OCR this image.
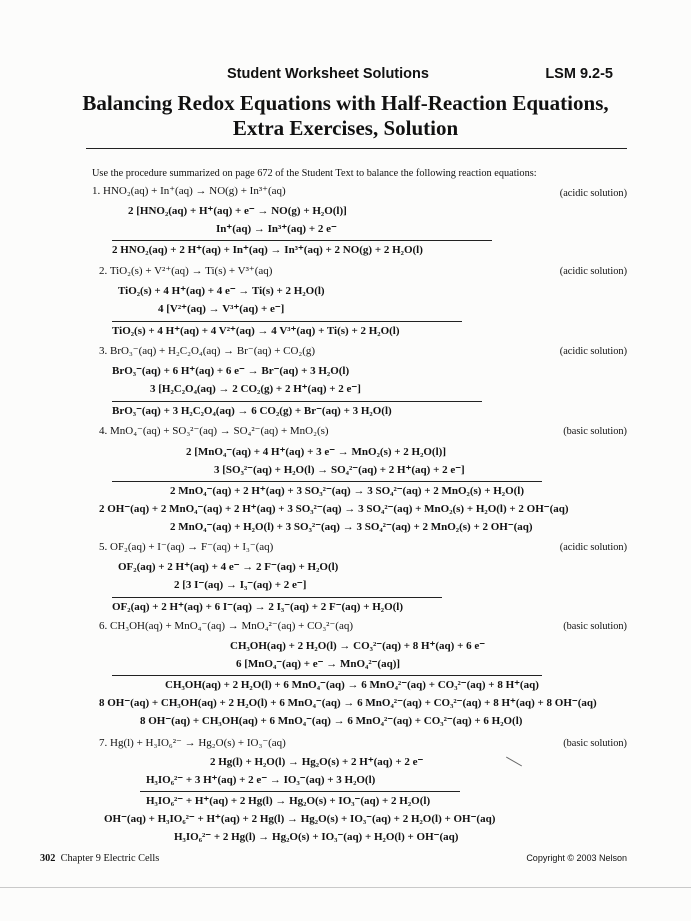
Student Worksheet Solutions	LSM 9.2-5
Balancing Redox Equations with Half-Reaction Equations,
Extra Exercises, Solution
Use the procedure summarized on page 672 of the Student Text to balance the following reaction equations:
1. HNO₂(aq) + In⁺(aq) → NO(g) + In³⁺(aq)	(acidic solution)
2 [HNO₂(aq) + H⁺(aq) + e⁻ → NO(g) + H₂O(l)]
In⁺(aq) → In³⁺(aq) + 2 e⁻
2 HNO₂(aq) + 2 H⁺(aq) + In⁺(aq) → In³⁺(aq) + 2 NO(g) + 2 H₂O(l)
2. TiO₂(s) + V²⁺(aq) → Ti(s) + V³⁺(aq)	(acidic solution)
TiO₂(s) + 4 H⁺(aq) + 4 e⁻ → Ti(s) + 2 H₂O(l)
4 [V²⁺(aq) → V³⁺(aq) + e⁻]
TiO₂(s) + 4 H⁺(aq) + 4 V²⁺(aq) → 4 V³⁺(aq) + Ti(s) + 2 H₂O(l)
3. BrO₃⁻(aq) + H₂C₂O₄(aq) → Br⁻(aq) + CO₂(g)	(acidic solution)
BrO₃⁻(aq) + 6 H⁺(aq) + 6 e⁻ → Br⁻(aq) + 3 H₂O(l)
3 [H₂C₂O₄(aq) → 2 CO₂(g) + 2 H⁺(aq) + 2 e⁻]
BrO₃⁻(aq) + 3 H₂C₂O₄(aq) → 6 CO₂(g) + Br⁻(aq) + 3 H₂O(l)
4. MnO₄⁻(aq) + SO₃²⁻(aq) → SO₄²⁻(aq) + MnO₂(s)	(basic solution)
2 [MnO₄⁻(aq) + 4 H⁺(aq) + 3 e⁻ → MnO₂(s) + 2 H₂O(l)]
3 [SO₃²⁻(aq) + H₂O(l) → SO₄²⁻(aq) + 2 H⁺(aq) + 2 e⁻]
2 MnO₄⁻(aq) + 2 H⁺(aq) + 3 SO₃²⁻(aq) → 3 SO₄²⁻(aq) + 2 MnO₂(s) + H₂O(l)
2 OH⁻(aq) + 2 MnO₄⁻(aq) + 2 H⁺(aq) + 3 SO₃²⁻(aq) → 3 SO₄²⁻(aq) + MnO₂(s) + H₂O(l) + 2 OH⁻(aq)
2 MnO₄⁻(aq) + H₂O(l) + 3 SO₃²⁻(aq) → 3 SO₄²⁻(aq) + 2 MnO₂(s) + 2 OH⁻(aq)
5. OF₂(aq) + I⁻(aq) → F⁻(aq) + I₃⁻(aq)	(acidic solution)
OF₂(aq) + 2 H⁺(aq) + 4 e⁻ → 2 F⁻(aq) + H₂O(l)
2 [3 I⁻(aq) → I₃⁻(aq) + 2 e⁻]
OF₂(aq) + 2 H⁺(aq) + 6 I⁻(aq) → 2 I₃⁻(aq) + 2 F⁻(aq) + H₂O(l)
6. CH₃OH(aq) + MnO₄⁻(aq) → MnO₄²⁻(aq) + CO₃²⁻(aq)	(basic solution)
CH₃OH(aq) + 2 H₂O(l) → CO₃²⁻(aq) + 8 H⁺(aq) + 6 e⁻
6 [MnO₄⁻(aq) + e⁻ → MnO₄²⁻(aq)]
CH₃OH(aq) + 2 H₂O(l) + 6 MnO₄⁻(aq) → 6 MnO₄²⁻(aq) + CO₃²⁻(aq) + 8 H⁺(aq)
8 OH⁻(aq) + CH₃OH(aq) + 2 H₂O(l) + 6 MnO₄⁻(aq) → 6 MnO₄²⁻(aq) + CO₃²⁻(aq) + 8 H⁺(aq) + 8 OH⁻(aq)
8 OH⁻(aq) + CH₃OH(aq) + 6 MnO₄⁻(aq) → 6 MnO₄²⁻(aq) + CO₃²⁻(aq) + 6 H₂O(l)
7. Hg(l) + H₃IO₆²⁻ → Hg₂O(s) + IO₃⁻(aq)	(basic solution)
2 Hg(l) + H₂O(l) → Hg₂O(s) + 2 H⁺(aq) + 2 e⁻
H₃IO₆²⁻ + 3 H⁺(aq) + 2 e⁻ → IO₃⁻(aq) + 3 H₂O(l)
H₃IO₆²⁻ + H⁺(aq) + 2 Hg(l) → Hg₂O(s) + IO₃⁻(aq) + 2 H₂O(l)
OH⁻(aq) + H₃IO₆²⁻ + H⁺(aq) + 2 Hg(l) → Hg₂O(s) + IO₃⁻(aq) + 2 H₂O(l) + OH⁻(aq)
H₃IO₆²⁻ + 2 Hg(l) → Hg₂O(s) + IO₃⁻(aq) + H₂O(l) + OH⁻(aq)
302 Chapter 9 Electric Cells	Copyright © 2003 Nelson
